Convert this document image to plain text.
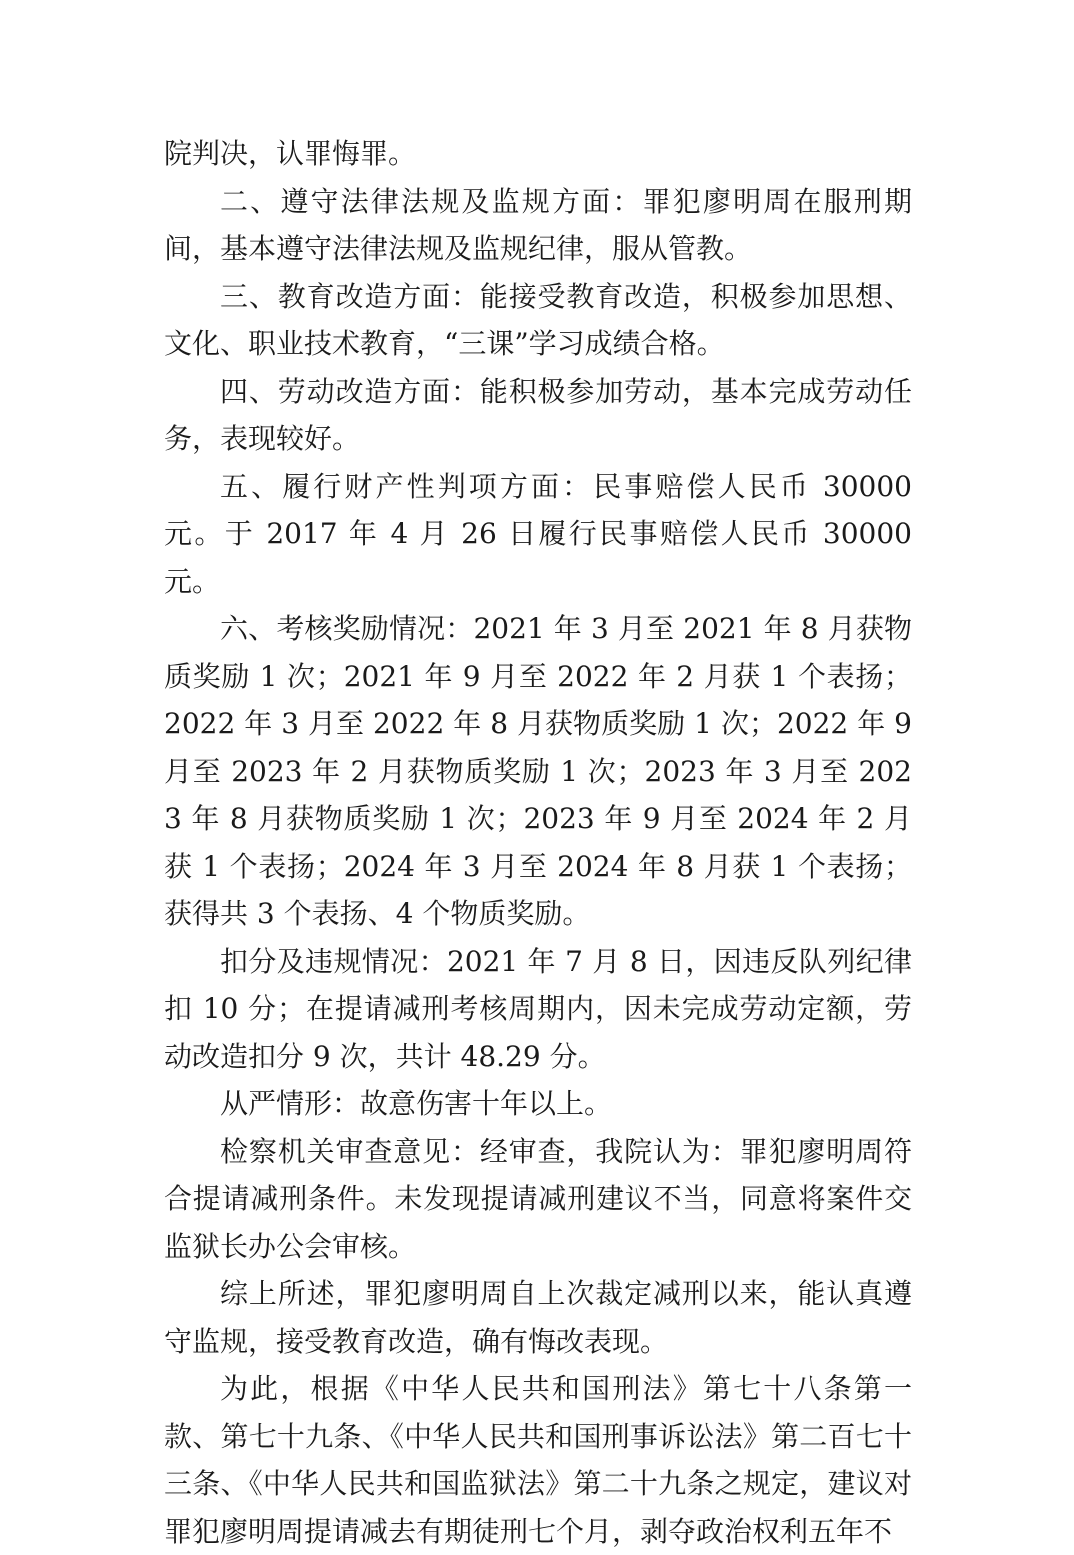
院判决，认罪悔罪。

二、遵守法律法规及监规方面：罪犯廖明周在服刑期间，基本遵守法律法规及监规纪律，服从管教。

三、教育改造方面：能接受教育改造，积极参加思想、文化、职业技术教育，“三课”学习成绩合格。

四、劳动改造方面：能积极参加劳动，基本完成劳动任务，表现较好。

五、履行财产性判项方面：民事赔偿人民币 30000 元。于 2017 年 4 月 26 日履行民事赔偿人民币 30000 元。

六、考核奖励情况：2021 年 3 月至 2021 年 8 月获物质奖励 1 次；2021 年 9 月至 2022 年 2 月获 1 个表扬；2022 年 3 月至 2022 年 8 月获物质奖励 1 次；2022 年 9 月至 2023 年 2 月获物质奖励 1 次；2023 年 3 月至 2023 年 8 月获物质奖励 1 次；2023 年 9 月至 2024 年 2 月获 1 个表扬；2024 年 3 月至 2024 年 8 月获 1 个表扬；获得共 3 个表扬、4 个物质奖励。

扣分及违规情况：2021 年 7 月 8 日，因违反队列纪律扣 10 分；在提请减刑考核周期内，因未完成劳动定额，劳动改造扣分 9 次，共计 48.29 分。

从严情形：故意伤害十年以上。

检察机关审查意见：经审查，我院认为：罪犯廖明周符合提请减刑条件。未发现提请减刑建议不当，同意将案件交监狱长办公会审核。

综上所述，罪犯廖明周自上次裁定减刑以来，能认真遵守监规，接受教育改造，确有悔改表现。

为此，根据《中华人民共和国刑法》第七十八条第一款、第七十九条、《中华人民共和国刑事诉讼法》第二百七十三条、《中华人民共和国监狱法》第二十九条之规定，建议对罪犯廖明周提请减去有期徒刑七个月，剥夺政治权利五年不
